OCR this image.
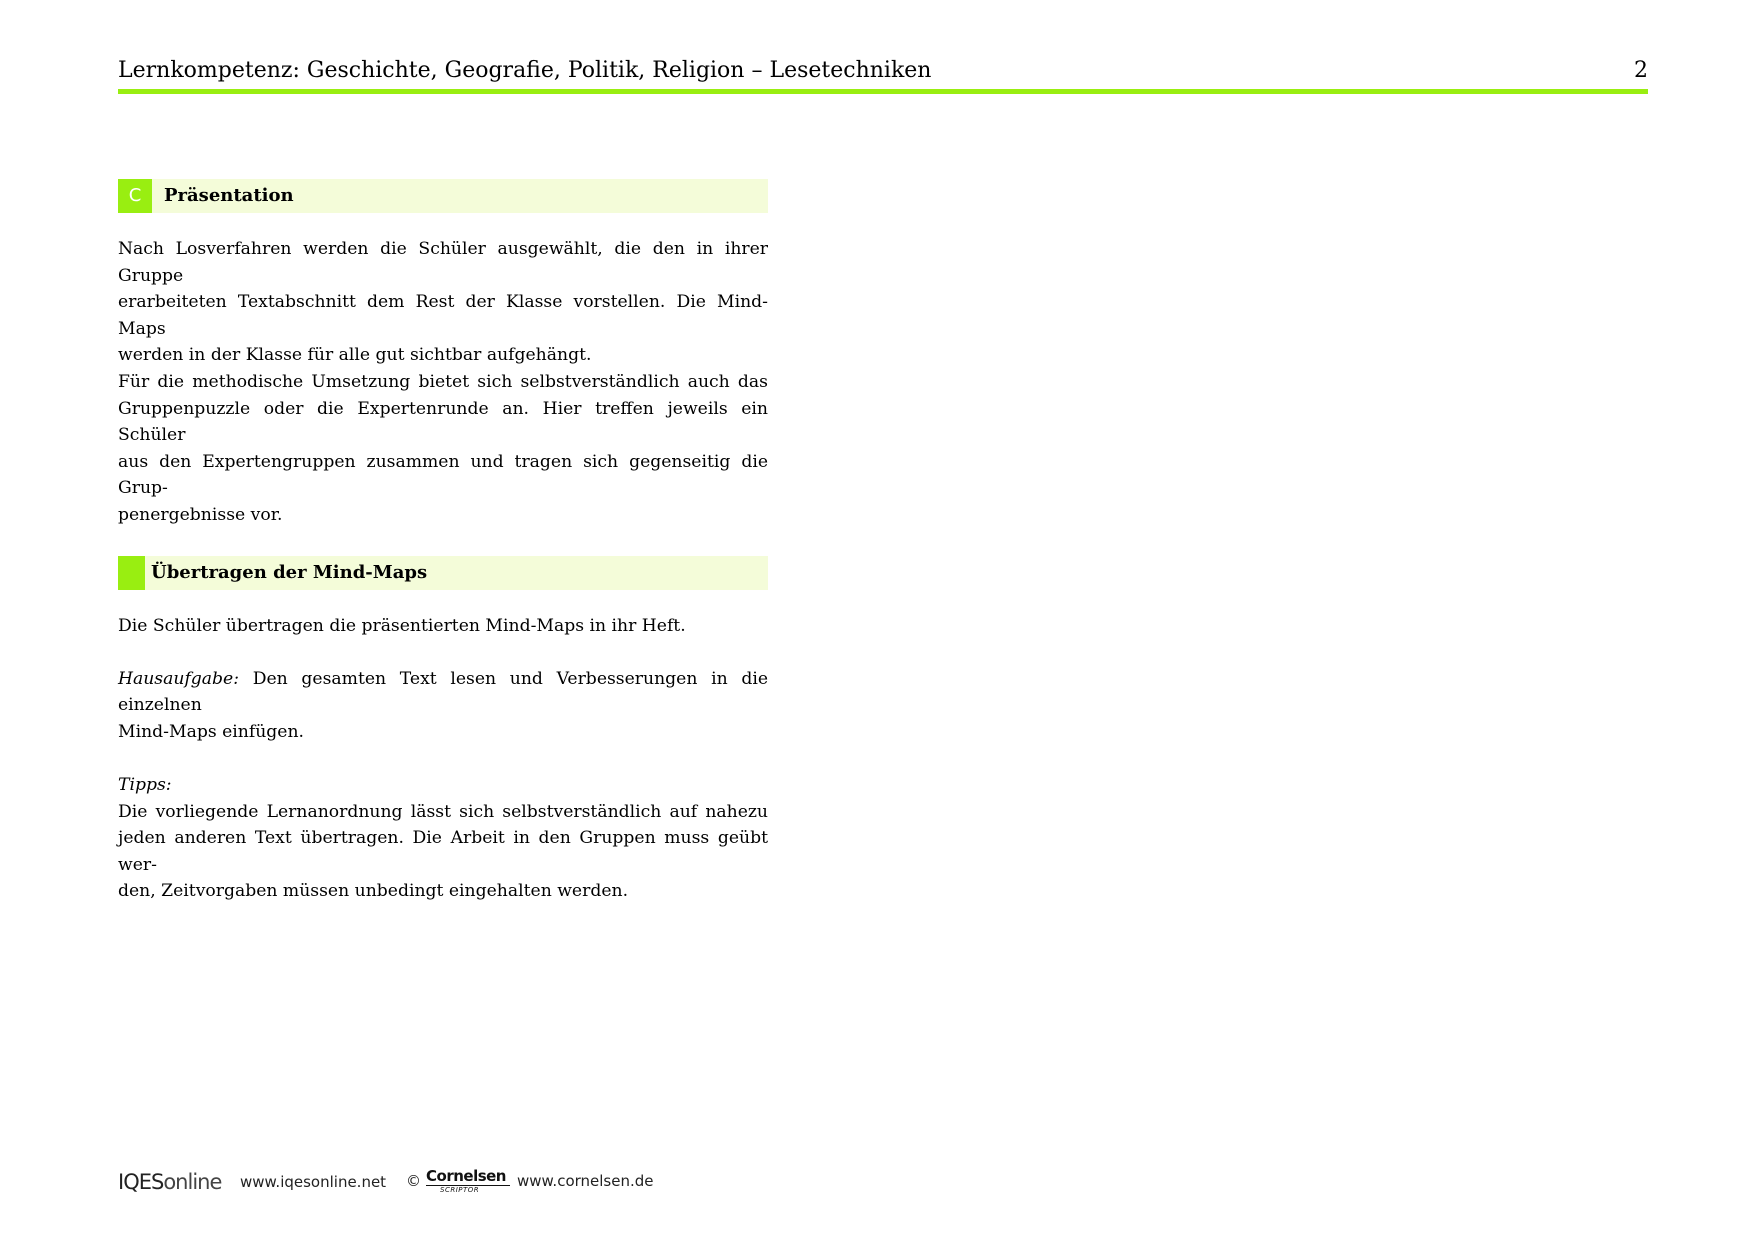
Lernkompetenz: Geschichte, Geografie, Politik, Religion – Lesetechniken	2
C	Präsentation
Nach Losverfahren werden die Schüler ausgewählt, die den in ihrer Gruppe
erarbeiteten Textabschnitt dem Rest der Klasse vorstellen. Die Mind-Maps
werden in der Klasse für alle gut sichtbar aufgehängt.
Für die methodische Umsetzung bietet sich selbstverständlich auch das
Gruppenpuzzle oder die Expertenrunde an. Hier treffen jeweils ein Schüler
aus den Expertengruppen zusammen und tragen sich gegenseitig die Grup-
penergebnisse vor.
Übertragen der Mind-Maps
Die Schüler übertragen die präsentierten Mind-Maps in ihr Heft.
Hausaufgabe: Den gesamten Text lesen und Verbesserungen in die einzelnen
Mind-Maps einfügen.
Tipps:
Die vorliegende Lernanordnung lässt sich selbstverständlich auf nahezu
jeden anderen Text übertragen. Die Arbeit in den Gruppen muss geübt wer-
den, Zeitvorgaben müssen unbedingt eingehalten werden.
IQESonline www.iqesonline.net © Cornelsen
SCRIPTOR	www.cornelsen.de
